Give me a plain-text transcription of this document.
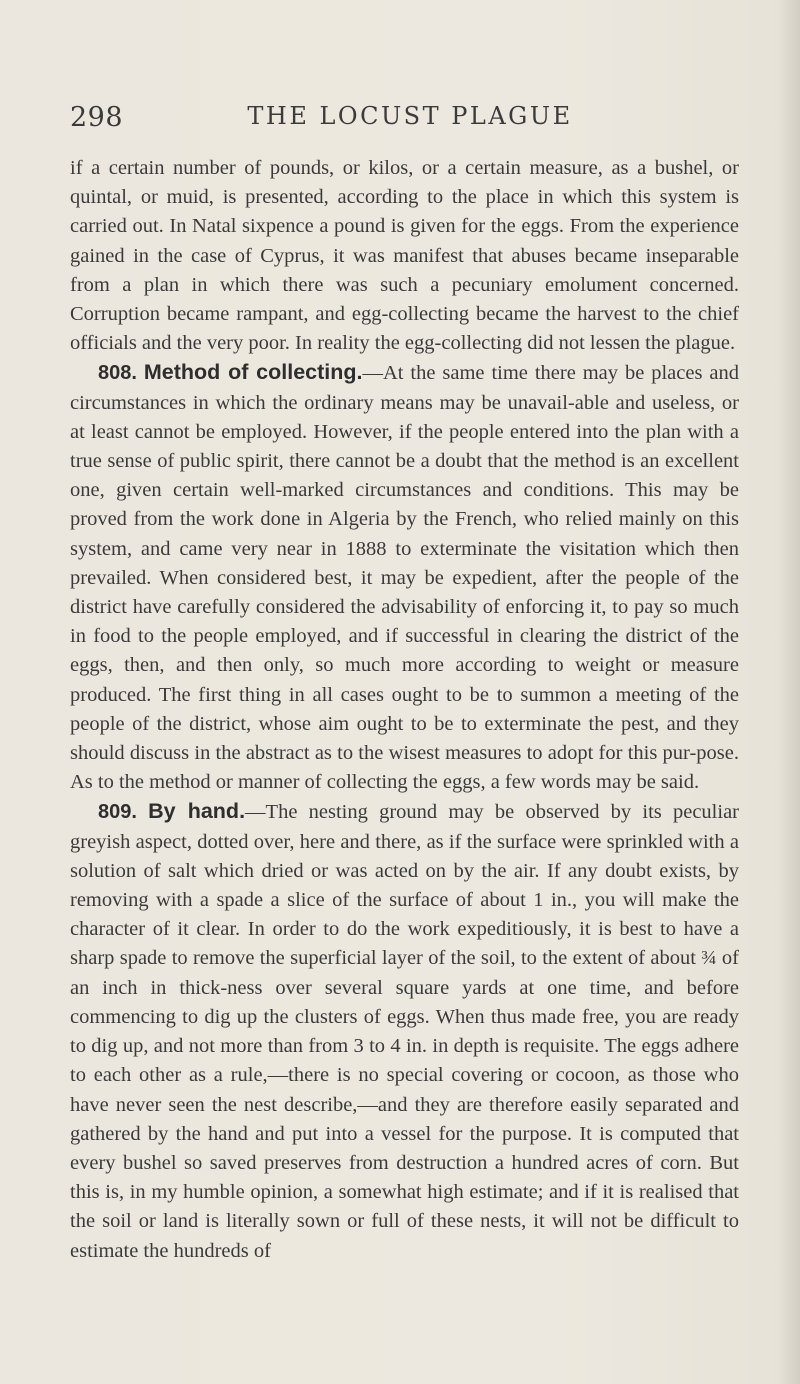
298	THE LOCUST PLAGUE

if a certain number of pounds, or kilos, or a certain measure, as a bushel, or quintal, or muid, is presented, according to the place in which this system is carried out. In Natal sixpence a pound is given for the eggs. From the experience gained in the case of Cyprus, it was manifest that abuses became inseparable from a plan in which there was such a pecuniary emolument concerned. Corruption became rampant, and egg-collecting became the harvest to the chief officials and the very poor. In reality the egg-collecting did not lessen the plague.

808. Method of collecting.—At the same time there may be places and circumstances in which the ordinary means may be unavail-able and useless, or at least cannot be employed. However, if the people entered into the plan with a true sense of public spirit, there cannot be a doubt that the method is an excellent one, given certain well-marked circumstances and conditions. This may be proved from the work done in Algeria by the French, who relied mainly on this system, and came very near in 1888 to exterminate the visitation which then prevailed. When considered best, it may be expedient, after the people of the district have carefully considered the advisability of enforcing it, to pay so much in food to the people employed, and if successful in clearing the district of the eggs, then, and then only, so much more according to weight or measure produced. The first thing in all cases ought to be to summon a meeting of the people of the district, whose aim ought to be to exterminate the pest, and they should discuss in the abstract as to the wisest measures to adopt for this pur-pose. As to the method or manner of collecting the eggs, a few words may be said.

809. By hand.—The nesting ground may be observed by its peculiar greyish aspect, dotted over, here and there, as if the surface were sprinkled with a solution of salt which dried or was acted on by the air. If any doubt exists, by removing with a spade a slice of the surface of about 1 in., you will make the character of it clear. In order to do the work expeditiously, it is best to have a sharp spade to remove the superficial layer of the soil, to the extent of about ¾ of an inch in thick-ness over several square yards at one time, and before commencing to dig up the clusters of eggs. When thus made free, you are ready to dig up, and not more than from 3 to 4 in. in depth is requisite. The eggs adhere to each other as a rule,—there is no special covering or cocoon, as those who have never seen the nest describe,—and they are therefore easily separated and gathered by the hand and put into a vessel for the purpose. It is computed that every bushel so saved preserves from destruction a hundred acres of corn. But this is, in my humble opinion, a somewhat high estimate; and if it is realised that the soil or land is literally sown or full of these nests, it will not be difficult to estimate the hundreds of
